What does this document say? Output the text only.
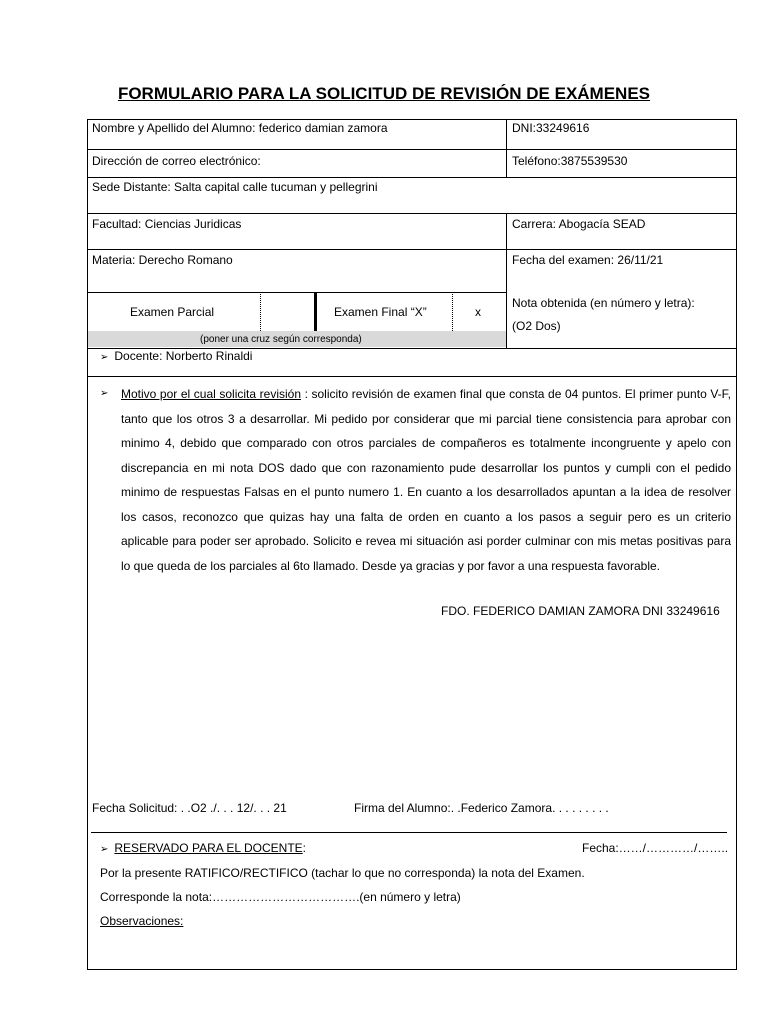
FORMULARIO PARA LA SOLICITUD DE REVISIÓN DE EXÁMENES
Nombre y Apellido del Alumno: federico damian zamora	DNI:33249616
Dirección de correo electrónico:	Teléfono:3875539530
Sede Distante: Salta capital calle tucuman y pellegrini
Facultad: Ciencias Juridicas	Carrera: Abogacía SEAD
Materia: Derecho Romano	Fecha del examen: 26/11/21
Examen Parcial	Examen Final “X”	x
Nota obtenida (en número y letra):
(O2 Dos)
(poner una cruz según corresponda)
➢ Docente: Norberto Rinaldi
➢ Motivo por el cual solicita revisión : solicito revisión de examen final que consta de 04 puntos. El primer punto V-F, tanto que los otros 3 a desarrollar. Mi pedido por considerar que mi parcial tiene consistencia para aprobar con minimo 4, debido que comparado con otros parciales de compañeros es totalmente incongruente y apelo con discrepancia en mi nota DOS dado que con razonamiento pude desarrollar los puntos y cumpli con el pedido minimo de respuestas Falsas en el punto numero 1. En cuanto a los desarrollados apuntan a la idea de resolver los casos, reconozco que quizas hay una falta de orden en cuanto a los pasos a seguir pero es un criterio aplicable para poder ser aprobado. Solicito e revea mi situación asi porder culminar con mis metas positivas para lo que queda de los parciales al 6to llamado. Desde ya gracias y por favor a una respuesta favorable.
FDO. FEDERICO DAMIAN ZAMORA DNI 33249616
Fecha Solicitud: . .O2 ./. . . 12/. . . 21	Firma del Alumno:. .Federico Zamora. . . . . . . . .
➢ RESERVADO PARA EL DOCENTE:	Fecha:……/…………/……..
Por la presente RATIFICO/RECTIFICO (tachar lo que no corresponda) la nota del Examen.
Corresponde la nota:……………………………….(en número y letra)
Observaciones:
